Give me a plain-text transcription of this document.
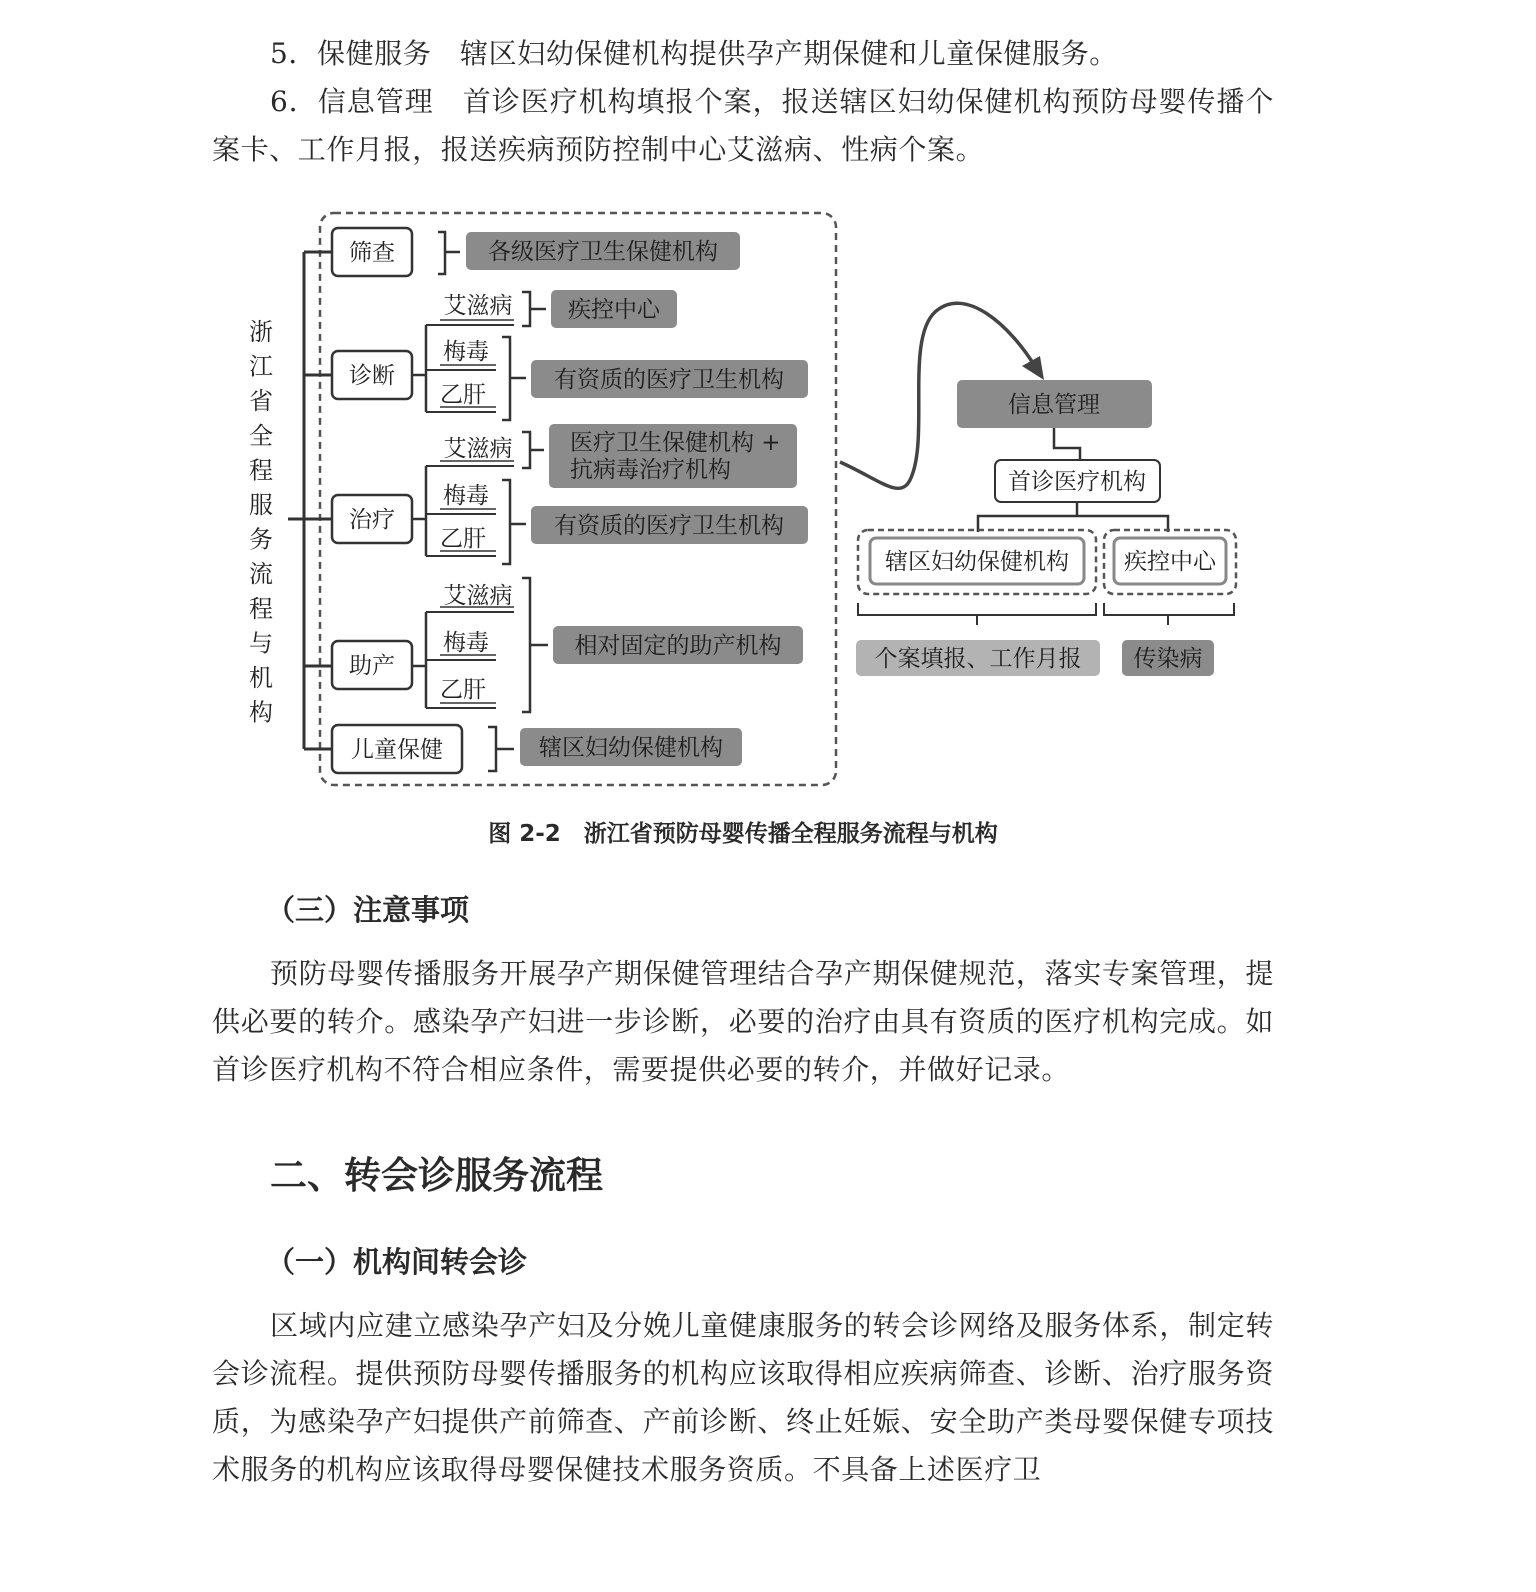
5．保健服务　辖区妇幼保健机构提供孕产期保健和儿童保健服务。

6．信息管理　首诊医疗机构填报个案，报送辖区妇幼保健机构预防母婴传播个案卡、工作月报，报送疾病预防控制中心艾滋病、性病个案。

浙江省全程服务流程与机构
筛查
诊断
治疗
助产
儿童保健
各级医疗卫生保健机构
艾滋病
梅毒
乙肝
疾控中心
有资质的医疗卫生机构
艾滋病
梅毒
乙肝
医疗卫生保健机构 +
抗病毒治疗机构
有资质的医疗卫生机构
艾滋病
梅毒
乙肝
相对固定的助产机构
辖区妇幼保健机构
信息管理
首诊医疗机构
辖区妇幼保健机构 疾控中心
个案填报、工作月报 传染病

图 2-2　浙江省预防母婴传播全程服务流程与机构

（三）注意事项

预防母婴传播服务开展孕产期保健管理结合孕产期保健规范，落实专案管理，提供必要的转介。感染孕产妇进一步诊断，必要的治疗由具有资质的医疗机构完成。如首诊医疗机构不符合相应条件，需要提供必要的转介，并做好记录。

二、转会诊服务流程

（一）机构间转会诊

区域内应建立感染孕产妇及分娩儿童健康服务的转会诊网络及服务体系，制定转会诊流程。提供预防母婴传播服务的机构应该取得相应疾病筛查、诊断、治疗服务资质，为感染孕产妇提供产前筛查、产前诊断、终止妊娠、安全助产类母婴保健专项技术服务的机构应该取得母婴保健技术服务资质。不具备上述医疗卫
